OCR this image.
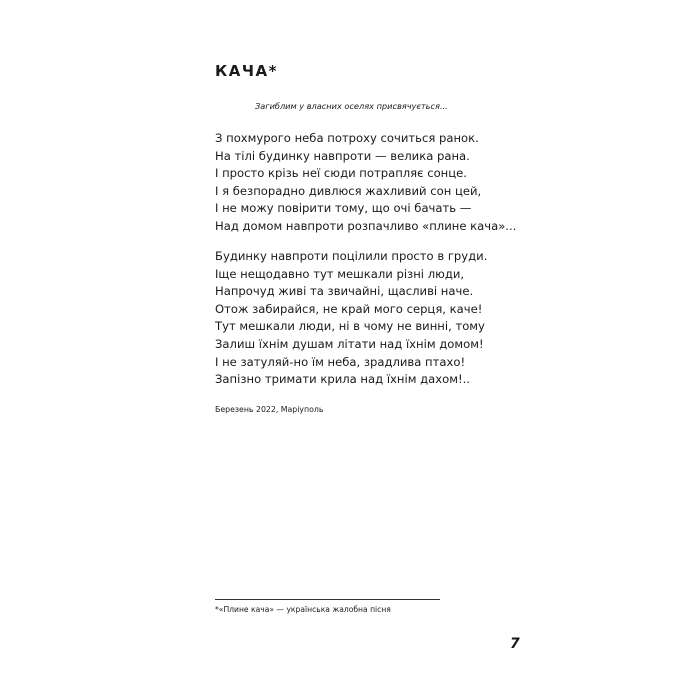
КАЧА*
Загиблим у власних оселях присвячується...
З похмурого неба потроху сочиться ранок.
На тілі будинку навпроти — велика рана.
І просто крізь неї сюди потрапляє сонце.
І я безпорадно дивлюся жахливий сон цей,
І не можу повірити тому, що очі бачать —
Над домом навпроти розпачливо «плине кача»...
Будинку навпроти поцілили просто в груди.
Іще нещодавно тут мешкали різні люди,
Напрочуд живі та звичайні, щасливі наче.
Отож забирайся, не край мого серця, каче!
Тут мешкали люди, ні в чому не винні, тому
Залиш їхнім душам літати над їхнім домом!
І не затуляй-но їм неба, зрадлива птахо!
Запізно тримати крила над їхнім дахом!..
Березень 2022, Маріуполь
*«Плине кача» — українська жалобна пісня
7
